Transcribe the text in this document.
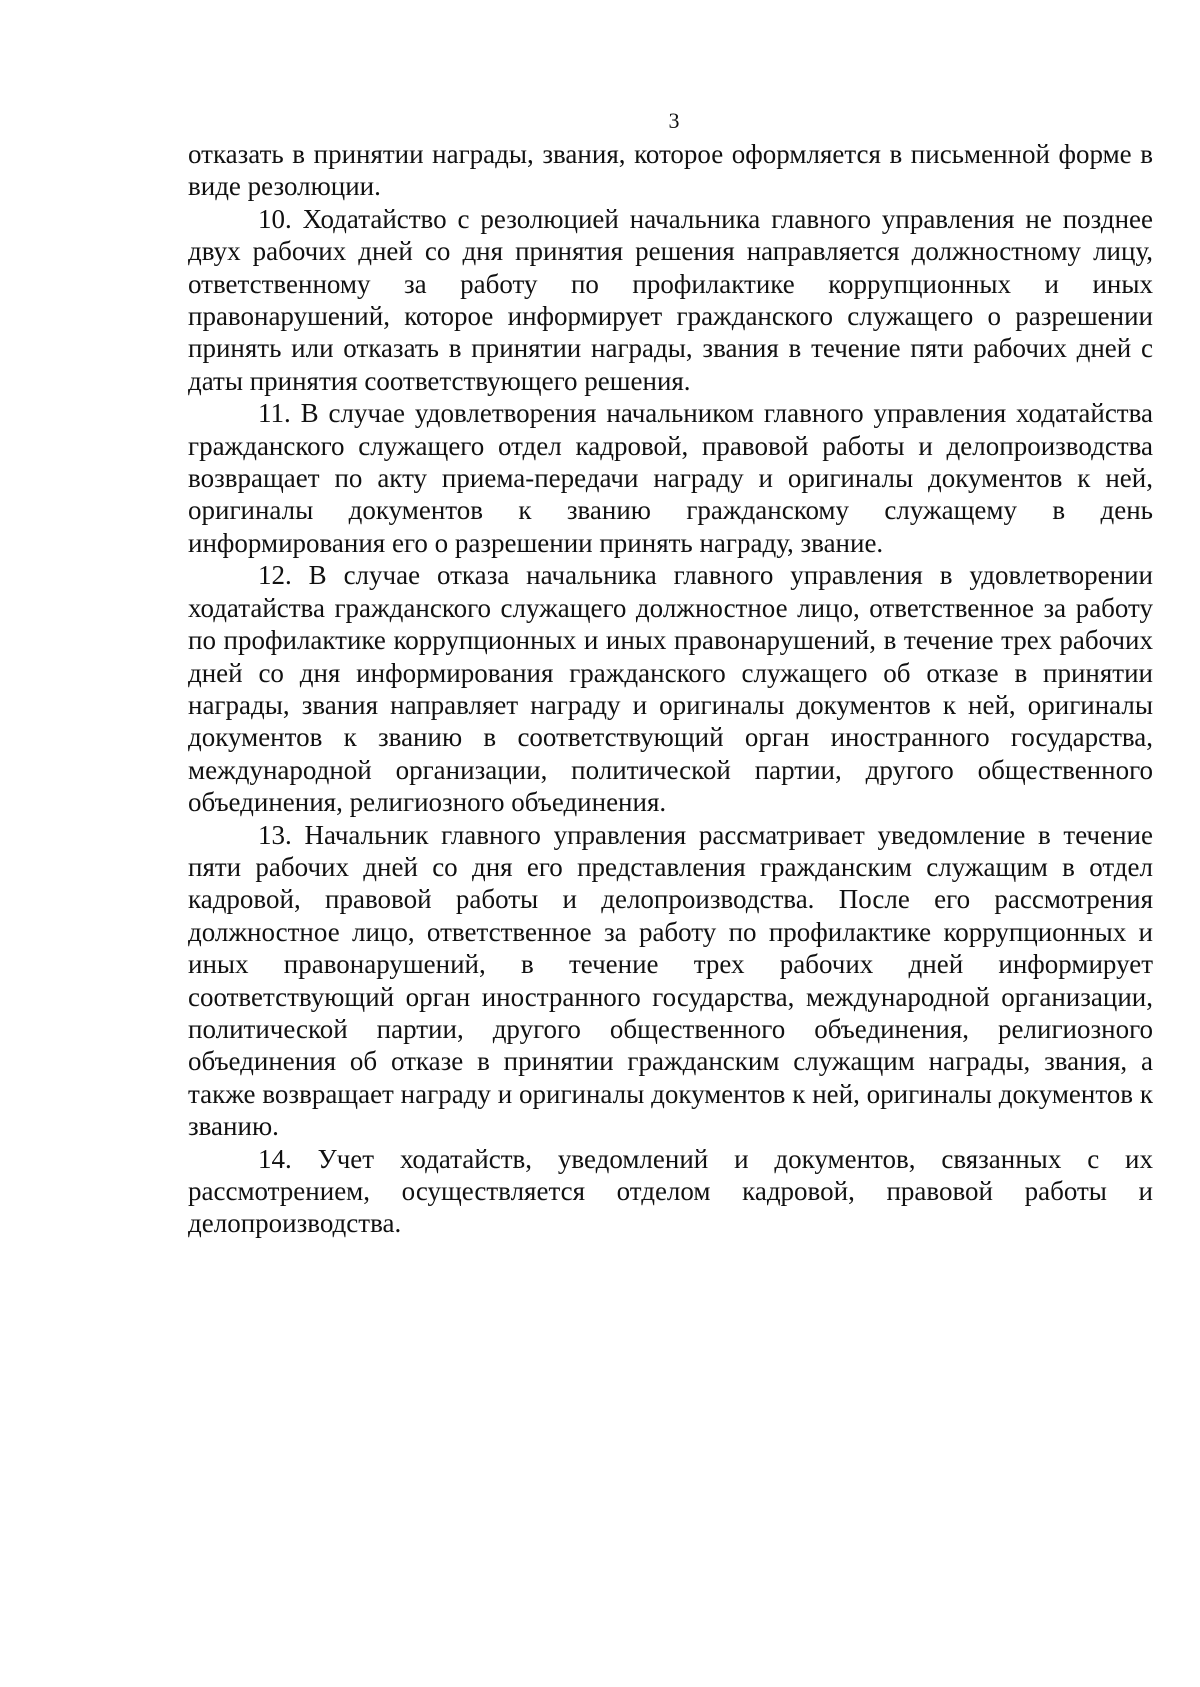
3

отказать в принятии награды, звания, которое оформляется в письменной форме в виде резолюции.

10. Ходатайство с резолюцией начальника главного управления не позднее двух рабочих дней со дня принятия решения направляется должностному лицу, ответственному за работу по профилактике коррупционных и иных правонарушений, которое информирует гражданского служащего о разрешении принять или отказать в принятии награды, звания в течение пяти рабочих дней с даты принятия соответствующего решения.

11. В случае удовлетворения начальником главного управления ходатайства гражданского служащего отдел кадровой, правовой работы и делопроизводства возвращает по акту приема-передачи награду и оригиналы документов к ней, оригиналы документов к званию гражданскому служащему в день информирования его о разрешении принять награду, звание.

12. В случае отказа начальника главного управления в удовлетворении ходатайства гражданского служащего должностное лицо, ответственное за работу по профилактике коррупционных и иных правонарушений, в течение трех рабочих дней со дня информирования гражданского служащего об отказе в принятии награды, звания направляет награду и оригиналы документов к ней, оригиналы документов к званию в соответствующий орган иностранного государства, международной организации, политической партии, другого общественного объединения, религиозного объединения.

13. Начальник главного управления рассматривает уведомление в течение пяти рабочих дней со дня его представления гражданским служащим в отдел кадровой, правовой работы и делопроизводства. После его рассмотрения должностное лицо, ответственное за работу по профилактике коррупционных и иных правонарушений, в течение трех рабочих дней информирует соответствующий орган иностранного государства, международной организации, политической партии, другого общественного объединения, религиозного объединения об отказе в принятии гражданским служащим награды, звания, а также возвращает награду и оригиналы документов к ней, оригиналы документов к званию.

14. Учет ходатайств, уведомлений и документов, связанных с их рассмотрением, осуществляется отделом кадровой, правовой работы и делопроизводства.
